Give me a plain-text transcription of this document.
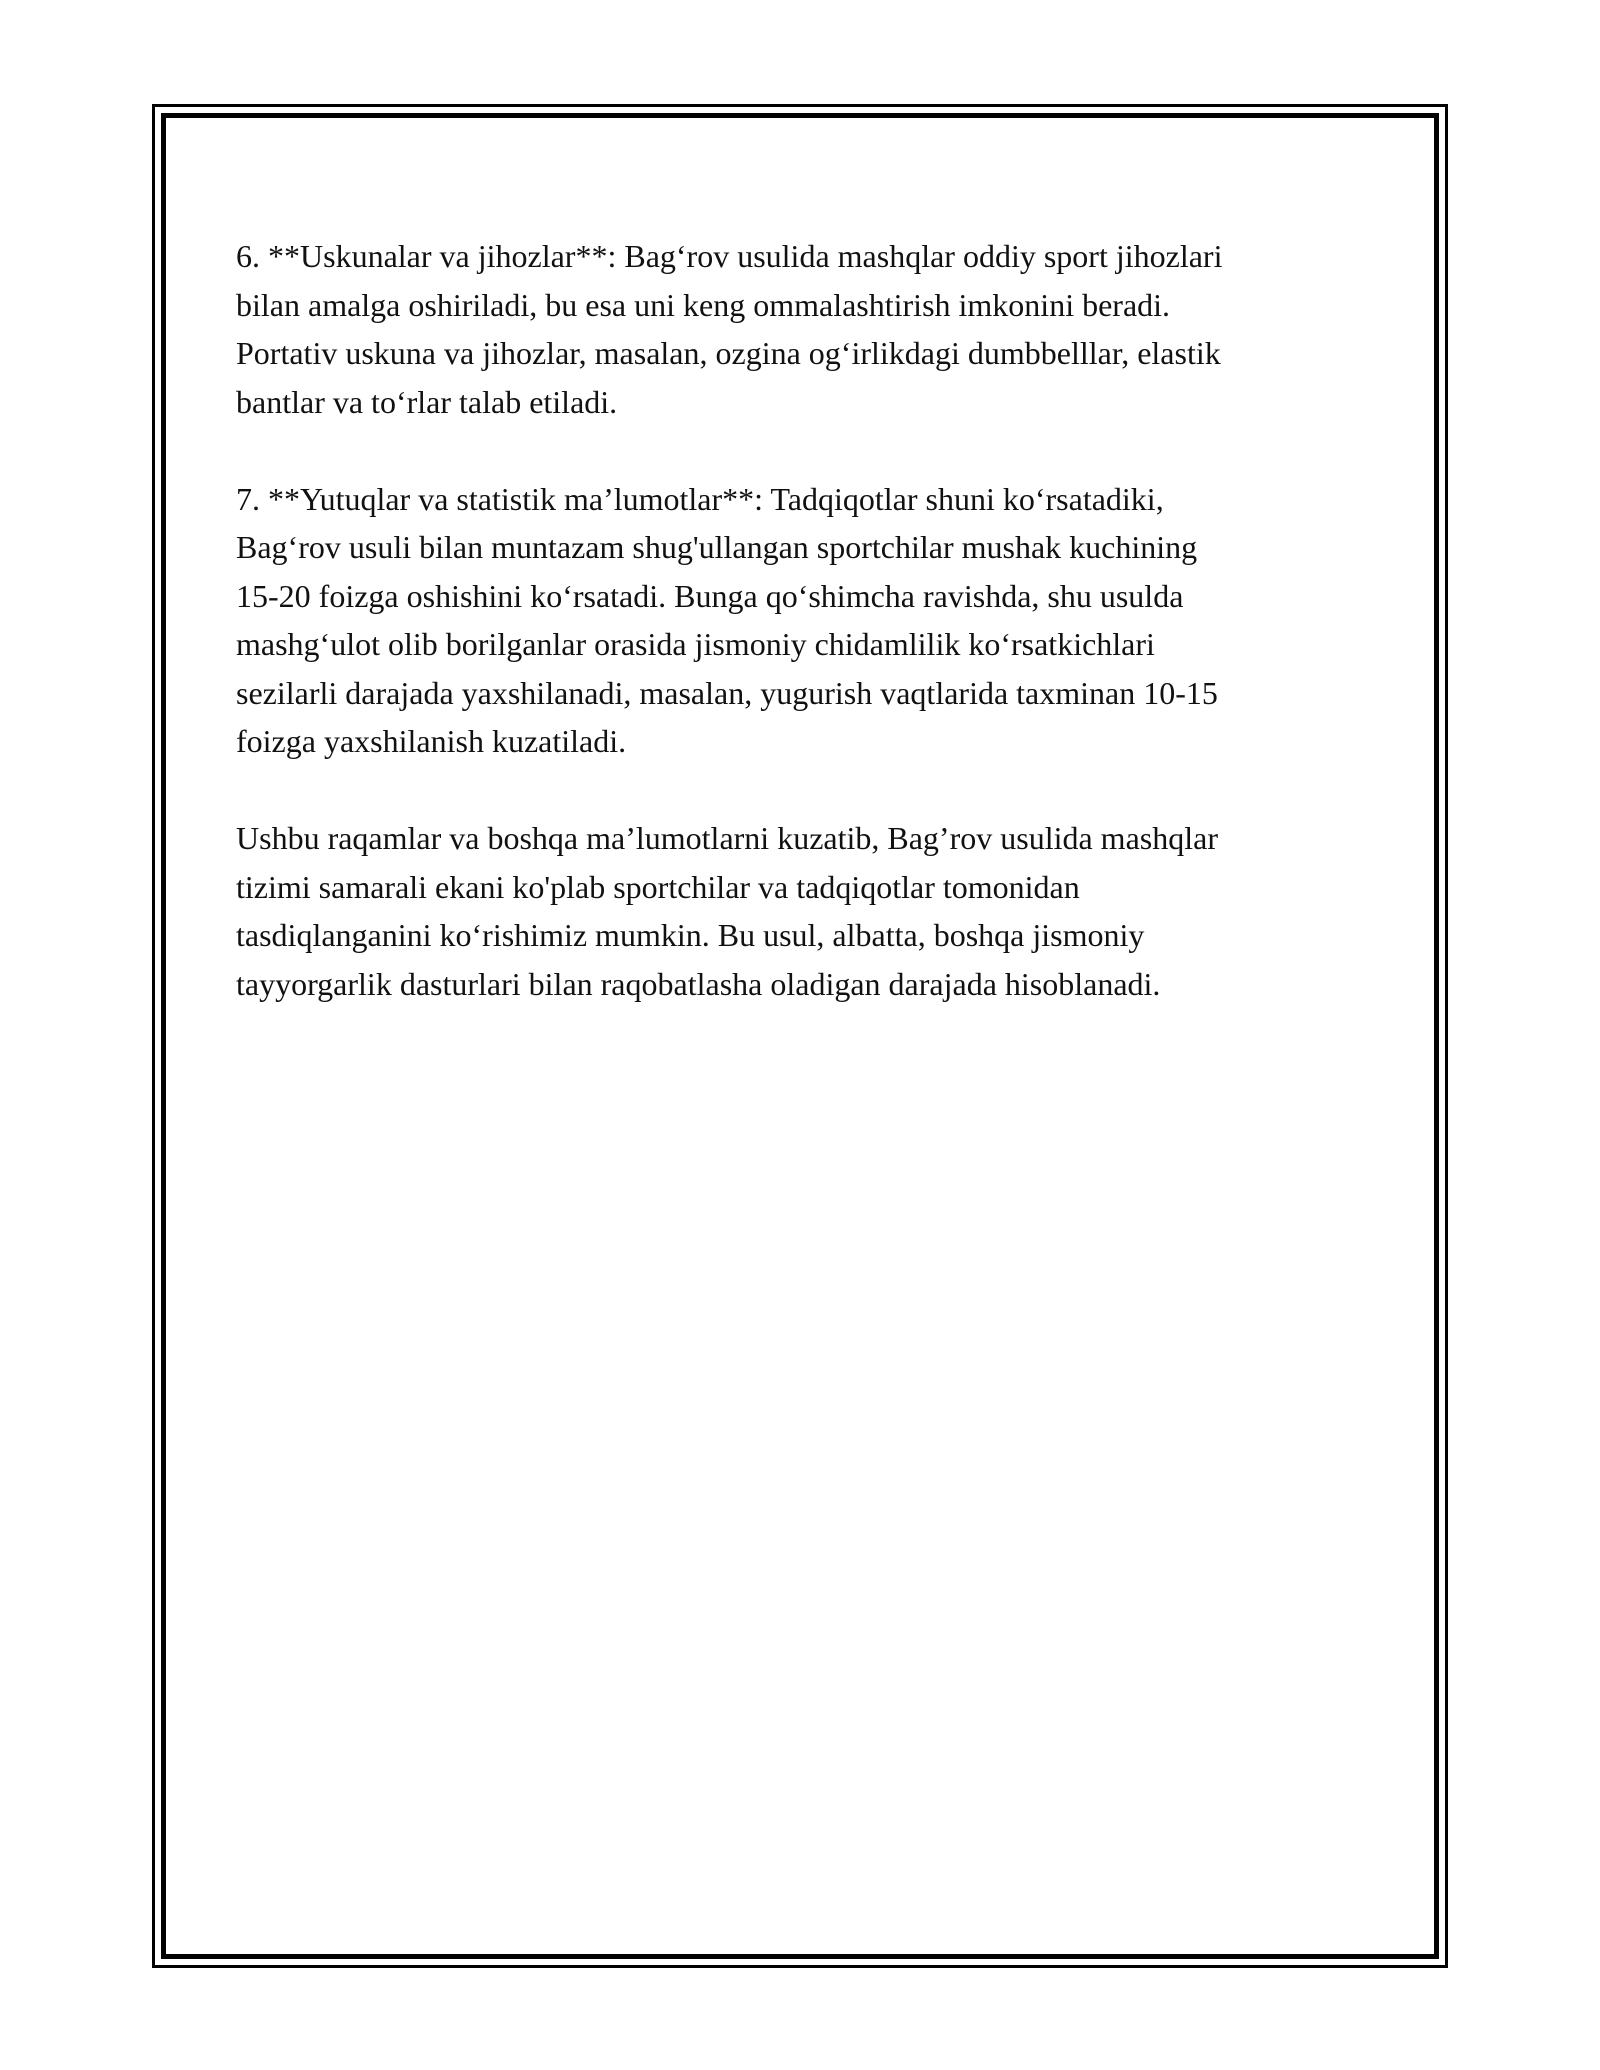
6. **Uskunalar va jihozlar**: Bag‘rov usulida mashqlar oddiy sport jihozlari
bilan amalga oshiriladi, bu esa uni keng ommalashtirish imkonini beradi.
Portativ uskuna va jihozlar, masalan, ozgina og‘irlikdagi dumbbelllar, elastik
bantlar va to‘rlar talab etiladi.

7. **Yutuqlar va statistik ma’lumotlar**: Tadqiqotlar shuni ko‘rsatadiki,
Bag‘rov usuli bilan muntazam shug'ullangan sportchilar mushak kuchining
15-20 foizga oshishini ko‘rsatadi. Bunga qo‘shimcha ravishda, shu usulda
mashg‘ulot olib borilganlar orasida jismoniy chidamlilik ko‘rsatkichlari
sezilarli darajada yaxshilanadi, masalan, yugurish vaqtlarida taxminan 10-15
foizga yaxshilanish kuzatiladi.

Ushbu raqamlar va boshqa ma’lumotlarni kuzatib, Bag’rov usulida mashqlar
tizimi samarali ekani ko'plab sportchilar va tadqiqotlar tomonidan
tasdiqlanganini ko‘rishimiz mumkin. Bu usul, albatta, boshqa jismoniy
tayyorgarlik dasturlari bilan raqobatlasha oladigan darajada hisoblanadi.
